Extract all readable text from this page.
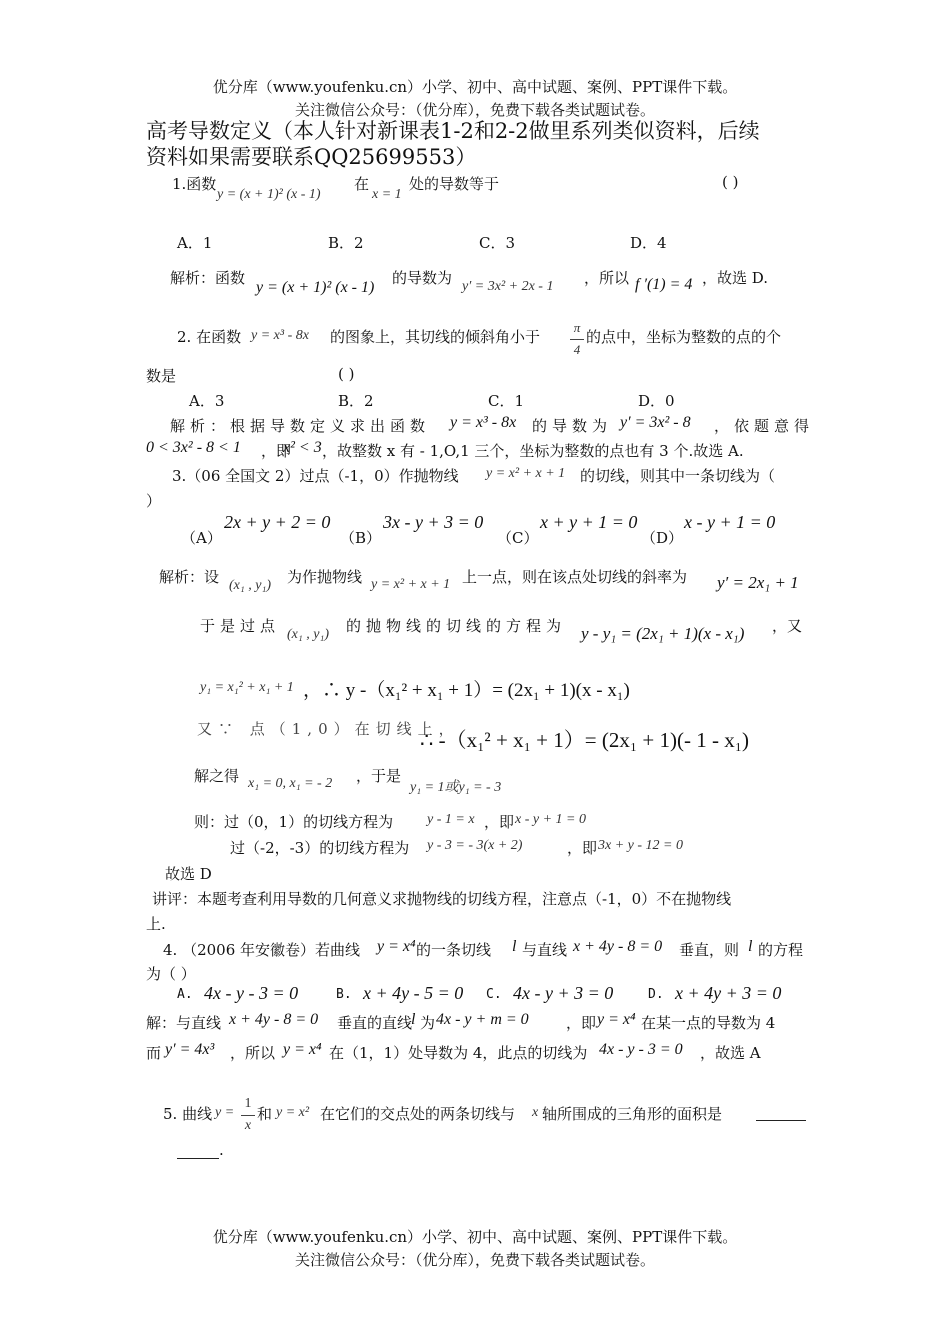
优分库（www.youfenku.cn）小学、初中、高中试题、案例、PPT课件下载。
关注微信公众号：（优分库），免费下载各类试题试卷。
高考导数定义（本人针对新课表1-2和2-2做里系列类似资料，后续
资料如果需要联系QQ25699553）
1.函数
y = (x + 1)² (x - 1)
在
x = 1
处的导数等于	( )
A．1	B．2	C．3	D．4
解析：函数
y = (x + 1)² (x - 1)
的导数为 y′ = 3x² + 2x - 1 ，所以 f ′(1) = 4 ，故选 D.
2. 在函数 y = x³ - 8x 的图象上，其切线的倾斜角小于
π
4
的点中，坐标为整数的点的个
数是	( )
A．3	B．2	C．1	D．0
解析：根据导数定义求出函数 y = x³ - 8x 的导数为 y′ = 3x² - 8 ，依题意得
0 < 3x² - 8 < 1 ，即
x² < 3 ，故整数 x 有 - 1,O,1 三个，坐标为整数的点也有 3 个.故选 A.
3.（06 全国文 2）过点（-1，0）作抛物线 y = x² + x + 1 的切线，则其中一条切线为（
）
（A）
2x + y + 2 = 0
（B）
3x - y + 3 = 0
（C）
x + y + 1 = 0
（D）
x - y + 1 = 0
解析：设 (x₁ , y₁) 为作抛物线 y = x² + x + 1 上一点，则在该点处切线的斜率为 y′ = 2x₁ + 1
于是过点 (x₁ , y₁) 的抛物线的切线的方程为 y - y₁ = (2x₁ + 1)(x - x₁) ，又
y₁ = x₁² + x₁ + 1 ，∴ y -（x₁² + x₁ + 1）= (2x₁ + 1)(x - x₁)
又∵ 点（1,0）在切线上，
∴ -（x₁² + x₁ + 1）= (2x₁ + 1)(- 1 - x₁)
解之得 x₁ = 0, x₁ = - 2 ，于是
y₁ = 1或y₁ = - 3
则：过（0，1）的切线方程为 y - 1 = x ，即 x - y + 1 = 0
过（-2，-3）的切线方程为 y - 3 = - 3(x + 2)	，即 3x + y - 12 = 0
故选 D
讲评：本题考查利用导数的几何意义求抛物线的切线方程，注意点（-1，0）不在抛物线
上.
4. （2006 年安徽卷）若曲线 y = x⁴ 的一条切线 l 与直线 x + 4y - 8 = 0 垂直，则 l 的方程
为（ ）
A. 4x - y - 3 = 0	B. x + 4y - 5 = 0 C. 4x - y + 3 = 0	D. x + 4y + 3 = 0
解：与直线 x + 4y - 8 = 0 垂直的直线
l 为 4x - y + m = 0 ，即 y = x⁴ 在某一点的导数为 4
而 y′ = 4x³ ，所以 y = x⁴ 在（1，1）处导数为 4，此点的切线为 4x - y - 3 = 0 ，故选 A
5. 曲线 y =
1
x
和 y = x² 在它们的交点处的两条切线与 x 轴所围成的三角形的面积是
.
优分库（www.youfenku.cn）小学、初中、高中试题、案例、PPT课件下载。
关注微信公众号：（优分库），免费下载各类试题试卷。
